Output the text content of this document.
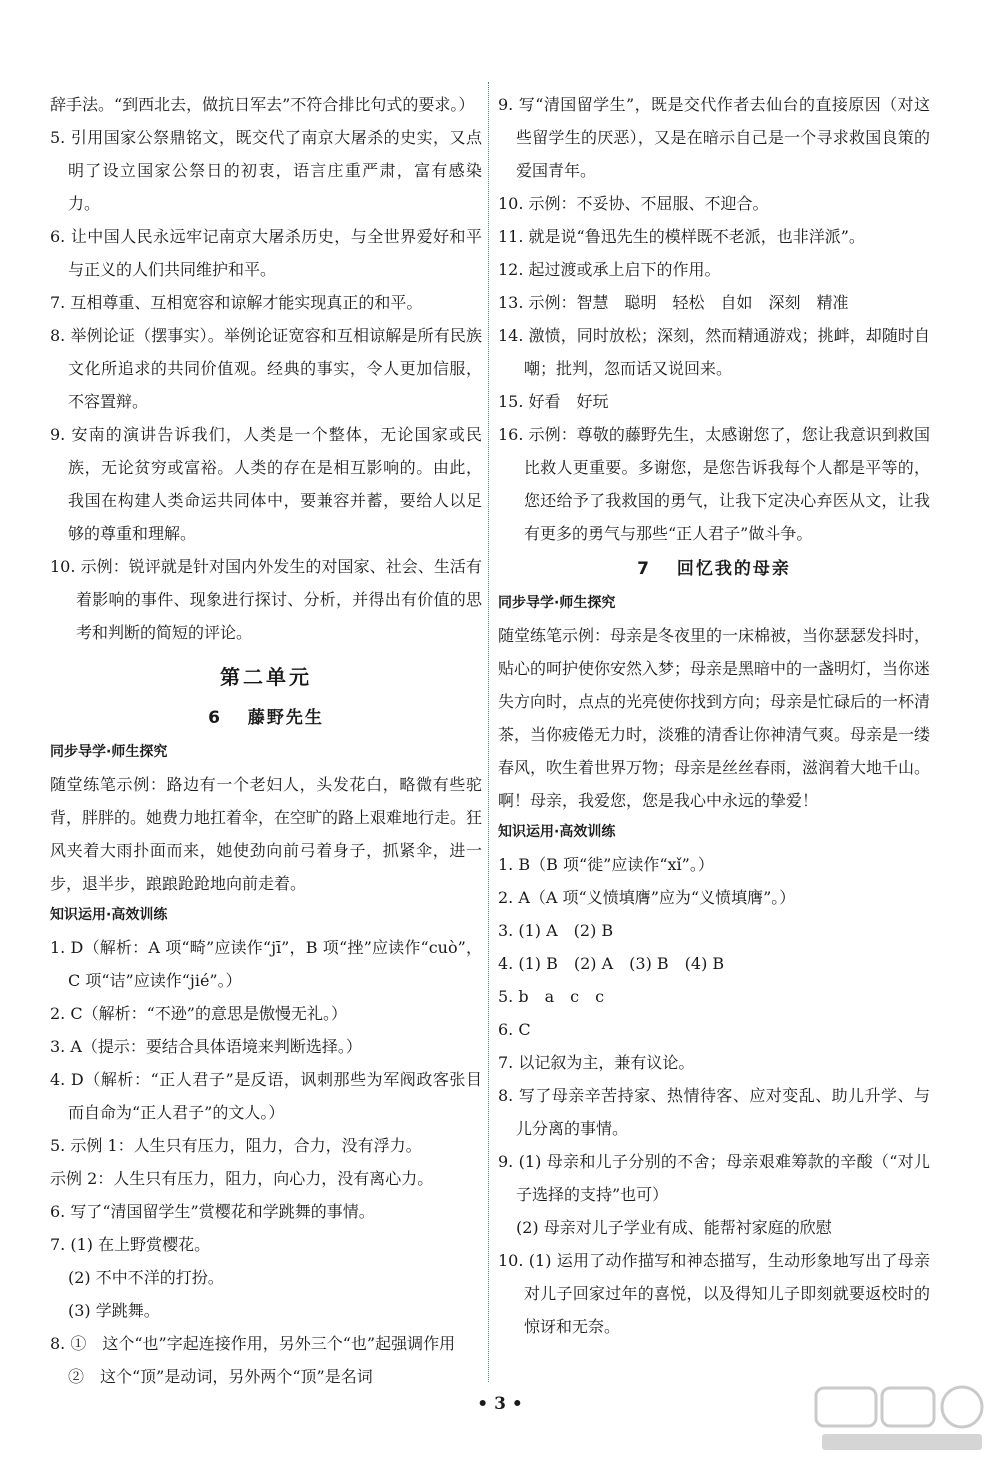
辞手法。“到西北去，做抗日军去”不符合排比句式的要求。）

5. 引用国家公祭鼎铭文，既交代了南京大屠杀的史实，又点明了设立国家公祭日的初衷，语言庄重严肃，富有感染力。

6. 让中国人民永远牢记南京大屠杀历史，与全世界爱好和平与正义的人们共同维护和平。

7. 互相尊重、互相宽容和谅解才能实现真正的和平。

8. 举例论证（摆事实）。举例论证宽容和互相谅解是所有民族文化所追求的共同价值观。经典的事实，令人更加信服，不容置辩。

9. 安南的演讲告诉我们，人类是一个整体，无论国家或民族，无论贫穷或富裕。人类的存在是相互影响的。由此，我国在构建人类命运共同体中，要兼容并蓄，要给人以足够的尊重和理解。

10. 示例：锐评就是针对国内外发生的对国家、社会、生活有着影响的事件、现象进行探讨、分析，并得出有价值的思考和判断的简短的评论。

第二单元
6 藤野先生
同步导学·师生探究

随堂练笔示例：路边有一个老妇人，头发花白，略微有些驼背，胖胖的。她费力地扛着伞，在空旷的路上艰难地行走。狂风夹着大雨扑面而来，她使劲向前弓着身子，抓紧伞，进一步，退半步，踉踉跄跄地向前走着。

知识运用·高效训练

1. D（解析：A 项“畸”应读作“jī”，B 项“挫”应读作“cuò”，C 项“诘”应读作“jié”。）

2. C（解析：“不逊”的意思是傲慢无礼。）

3. A（提示：要结合具体语境来判断选择。）

4. D（解析：“正人君子”是反语，讽刺那些为军阀政客张目而自命为“正人君子”的文人。）

5. 示例 1：人生只有压力，阻力，合力，没有浮力。

示例 2：人生只有压力，阻力，向心力，没有离心力。

6. 写了“清国留学生”赏樱花和学跳舞的事情。

7. (1) 在上野赏樱花。

(2) 不中不洋的打扮。

(3) 学跳舞。

8. ①　这个“也”字起连接作用，另外三个“也”起强调作用

②　这个“顶”是动词，另外两个“顶”是名词

9. 写“清国留学生”，既是交代作者去仙台的直接原因（对这些留学生的厌恶），又是在暗示自己是一个寻求救国良策的爱国青年。

10. 示例：不妥协、不屈服、不迎合。

11. 就是说“鲁迅先生的模样既不老派，也非洋派”。

12. 起过渡或承上启下的作用。

13. 示例：智慧　聪明　轻松　自如　深刻　精准

14. 激愤，同时放松；深刻，然而精通游戏；挑衅，却随时自嘲；批判，忽而话又说回来。

15. 好看　好玩

16. 示例：尊敬的藤野先生，太感谢您了，您让我意识到救国比救人更重要。多谢您，是您告诉我每个人都是平等的，您还给予了我救国的勇气，让我下定决心弃医从文，让我有更多的勇气与那些“正人君子”做斗争。

7 回忆我的母亲
同步导学·师生探究

随堂练笔示例：母亲是冬夜里的一床棉被，当你瑟瑟发抖时，贴心的呵护使你安然入梦；母亲是黑暗中的一盏明灯，当你迷失方向时，点点的光亮使你找到方向；母亲是忙碌后的一杯清茶，当你疲倦无力时，淡雅的清香让你神清气爽。母亲是一缕春风，吹生着世界万物；母亲是丝丝春雨，滋润着大地千山。啊！母亲，我爱您，您是我心中永远的挚爱！

知识运用·高效训练

1. B（B 项“徙”应读作“xǐ”。）

2. A（A 项“义愤填膺”应为“义愤填膺”。）

3. (1) A　(2) B

4. (1) B　(2) A　(3) B　(4) B

5. b　a　c　c

6. C

7. 以记叙为主，兼有议论。

8. 写了母亲辛苦持家、热情待客、应对变乱、助儿升学、与儿分离的事情。

9. (1) 母亲和儿子分别的不舍；母亲艰难筹款的辛酸（“对儿子选择的支持”也可）

(2) 母亲对儿子学业有成、能帮衬家庭的欣慰

10. (1) 运用了动作描写和神态描写，生动形象地写出了母亲对儿子回家过年的喜悦，以及得知儿子即刻就要返校时的惊讶和无奈。

• 3 •
